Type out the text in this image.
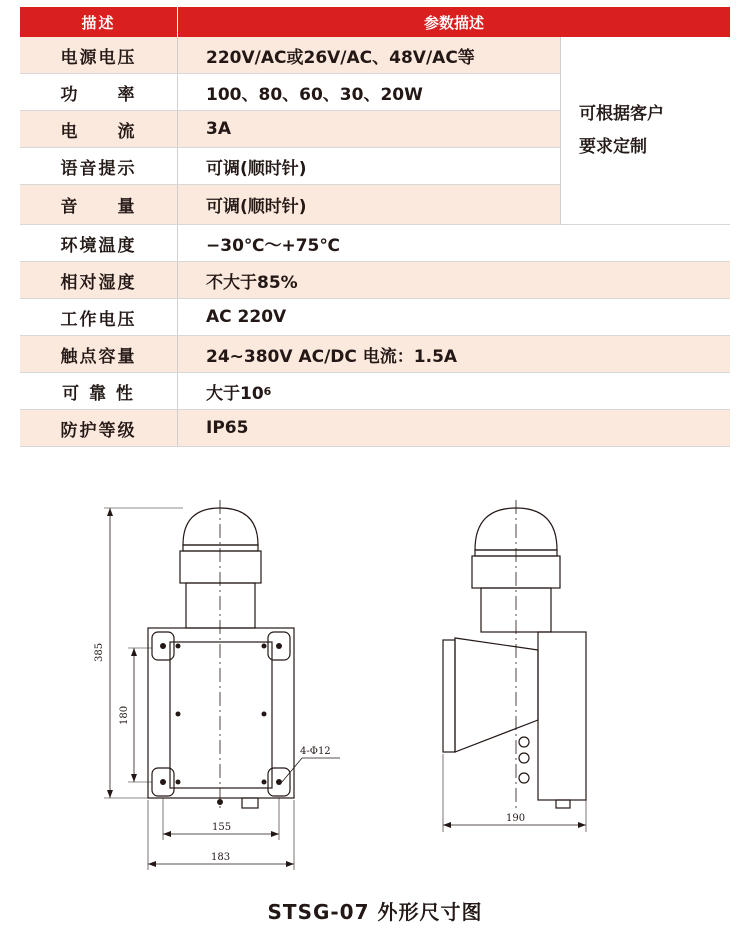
描述	参数描述
电源电压	220V/AC或26V/AC、48V/AC等
功　　率	100、80、60、30、20W
电　　流	3A
语音提示	可调(顺时针)
音　　量	可调(顺时针)
可根据客户
要求定制
环境温度	−30℃～+75℃
相对湿度	不大于85%
工作电压	AC 220V
触点容量	24~380V AC/DC 电流：1.5A
可 靠 性	大于10 6
防护等级	IP65
385
180
4-Φ12
155
183
190
STSG-07 外形尺寸图
